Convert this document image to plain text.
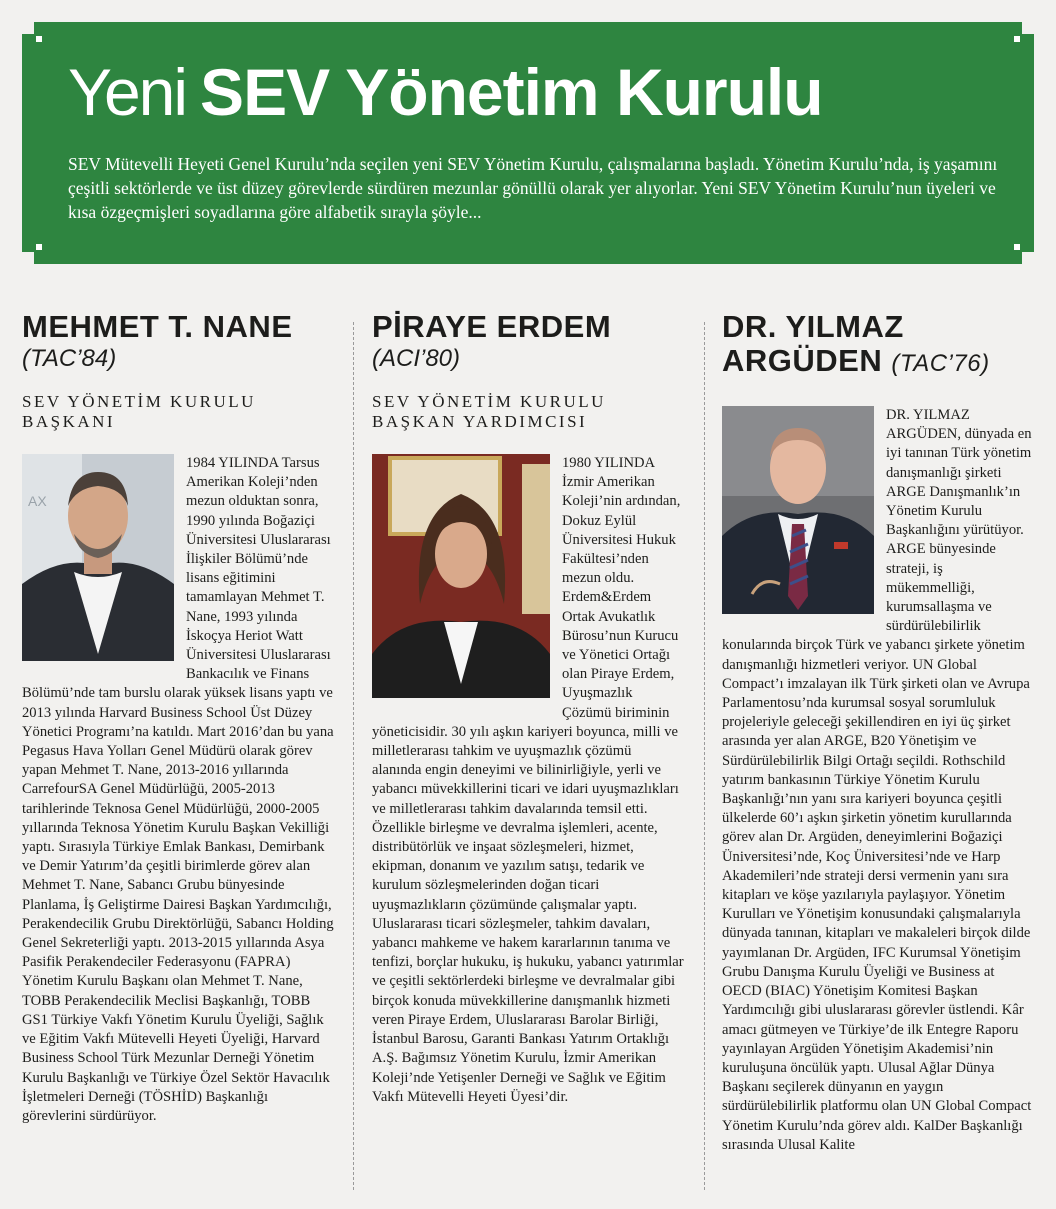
Yeni SEV Yönetim Kurulu
SEV Mütevelli Heyeti Genel Kurulu’nda seçilen yeni SEV Yönetim Kurulu, çalışmalarına başladı. Yönetim Kurulu’nda, iş yaşamını çeşitli sektörlerde ve üst düzey görevlerde sürdüren mezunlar gönüllü olarak yer alıyorlar. Yeni SEV Yönetim Kurulu’nun üyeleri ve kısa özgeçmişleri soyadlarına göre alfabetik sırayla şöyle...
MEHMET T. NANE
(TAC’84)
SEV YÖNETİM KURULU BAŞKANI
AX
1984 YILINDA Tarsus Amerikan Koleji’nden mezun olduktan sonra, 1990 yılında Boğaziçi Üniversitesi Uluslararası İlişkiler Bölümü’nde lisans eğitimini tamamlayan Mehmet T. Nane, 1993 yılında İskoçya Heriot Watt Üniversitesi Uluslararası Bankacılık ve Finans Bölümü’nde tam burslu olarak yüksek lisans yaptı ve 2013 yılında Harvard Business School Üst Düzey Yönetici Programı’na katıldı. Mart 2016’dan bu yana Pegasus Hava Yolları Genel Müdürü olarak görev yapan Mehmet T. Nane, 2013-2016 yıllarında CarrefourSA Genel Müdürlüğü, 2005-2013 tarihlerinde Teknosa Genel Müdürlüğü, 2000-2005 yıllarında Teknosa Yönetim Kurulu Başkan Vekilliği yaptı. Sırasıyla Türkiye Emlak Bankası, Demirbank ve Demir Yatırım’da çeşitli birimlerde görev alan Mehmet T. Nane, Sabancı Grubu bünyesinde Planlama, İş Geliştirme Dairesi Başkan Yardımcılığı, Perakendecilik Grubu Direktörlüğü, Sabancı Holding Genel Sekreterliği yaptı. 2013-2015 yıllarında Asya Pasifik Perakendeciler Federasyonu (FAPRA) Yönetim Kurulu Başkanı olan Mehmet T. Nane, TOBB Perakendecilik Meclisi Başkanlığı, TOBB GS1 Türkiye Vakfı Yönetim Kurulu Üyeliği, Sağlık ve Eğitim Vakfı Mütevelli Heyeti Üyeliği, Harvard Business School Türk Mezunlar Derneği Yönetim Kurulu Başkanlığı ve Türkiye Özel Sektör Havacılık İşletmeleri Derneği (TÖSHİD) Başkanlığı görevlerini sürdürüyor.
PİRAYE ERDEM
(ACI’80)
SEV YÖNETİM KURULU BAŞKAN YARDIMCISI
1980 YILINDA İzmir Amerikan Koleji’nin ardından, Dokuz Eylül Üniversitesi Hukuk Fakültesi’nden mezun oldu. Erdem&Erdem Ortak Avukatlık Bürosu’nun Kurucu ve Yönetici Ortağı olan Piraye Erdem, Uyuşmazlık Çözümü biriminin yöneticisidir. 30 yılı aşkın kariyeri boyunca, milli ve milletlerarası tahkim ve uyuşmazlık çözümü alanında engin deneyimi ve bilinirliğiyle, yerli ve yabancı müvekkillerini ticari ve idari uyuşmazlıkları ve milletlerarası tahkim davalarında temsil etti. Özellikle birleşme ve devralma işlemleri, acente, distribütörlük ve inşaat sözleşmeleri, hizmet, ekipman, donanım ve yazılım satışı, tedarik ve kurulum sözleşmelerinden doğan ticari uyuşmazlıkların çözümünde çalışmalar yaptı. Uluslararası ticari sözleşmeler, tahkim davaları, yabancı mahkeme ve hakem kararlarının tanıma ve tenfizi, borçlar hukuku, iş hukuku, yabancı yatırımlar ve çeşitli sektörlerdeki birleşme ve devralmalar gibi birçok konuda müvekkillerine danışmanlık hizmeti veren Piraye Erdem, Uluslararası Barolar Birliği, İstanbul Barosu, Garanti Bankası Yatırım Ortaklığı A.Ş. Bağımsız Yönetim Kurulu, İzmir Amerikan Koleji’nde Yetişenler Derneği ve Sağlık ve Eğitim Vakfı Mütevelli Heyeti Üyesi’dir.
DR. YILMAZ
ARGÜDEN (TAC’76)
DR. YILMAZ ARGÜDEN, dünyada en iyi tanınan Türk yönetim danışmanlığı şirketi ARGE Danışmanlık’ın Yönetim Kurulu Başkanlığını yürütüyor. ARGE bünyesinde strateji, iş mükemmelliği, kurumsallaşma ve sürdürülebilirlik konularında birçok Türk ve yabancı şirkete yönetim danışmanlığı hizmetleri veriyor. UN Global Compact’ı imzalayan ilk Türk şirketi olan ve Avrupa Parlamentosu’nda kurumsal sosyal sorumluluk projeleriyle geleceği şekillendiren en iyi üç şirket arasında yer alan ARGE, B20 Yönetişim ve Sürdürülebilirlik Bilgi Ortağı seçildi. Rothschild yatırım bankasının Türkiye Yönetim Kurulu Başkanlığı’nın yanı sıra kariyeri boyunca çeşitli ülkelerde 60’ı aşkın şirketin yönetim kurullarında görev alan Dr. Argüden, deneyimlerini Boğaziçi Üniversitesi’nde, Koç Üniversitesi’nde ve Harp Akademileri’nde strateji dersi vermenin yanı sıra kitapları ve köşe yazılarıyla paylaşıyor. Yönetim Kurulları ve Yönetişim konusundaki çalışmalarıyla dünyada tanınan, kitapları ve makaleleri birçok dilde yayımlanan Dr. Argüden, IFC Kurumsal Yönetişim Grubu Danışma Kurulu Üyeliği ve Business at OECD (BIAC) Yönetişim Komitesi Başkan Yardımcılığı gibi uluslararası görevler üstlendi. Kâr amacı gütmeyen ve Türkiye’de ilk Entegre Raporu yayınlayan Argüden Yönetişim Akademisi’nin kuruluşuna öncülük yaptı. Ulusal Ağlar Dünya Başkanı seçilerek dünyanın en yaygın sürdürülebilirlik platformu olan UN Global Compact Yönetim Kurulu’nda görev aldı. KalDer Başkanlığı sırasında Ulusal Kalite
